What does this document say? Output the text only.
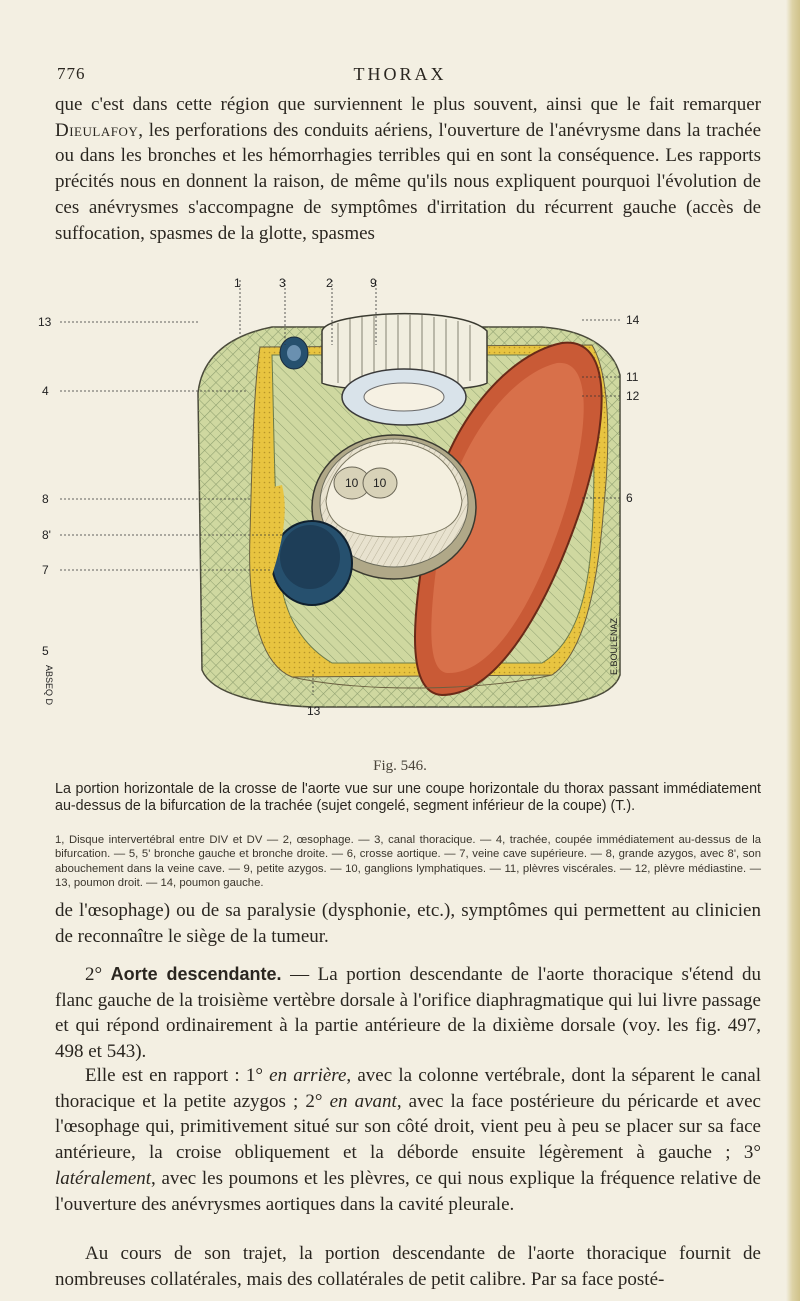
776	THORAX

que c'est dans cette région que surviennent le plus souvent, ainsi que le fait remarquer Dieulafoy, les perforations des conduits aériens, l'ouverture de l'anévrysme dans la trachée ou dans les bronches et les hémorrhagies terribles qui en sont la conséquence. Les rapports précités nous en donnent la raison, de même qu'ils nous expliquent pourquoi l'évolution de ces anévrysmes s'accompagne de symptômes d'irritation du récurrent gauche (accès de suffocation, spasmes de la glotte, spasmes

1	3	2	9
13
4
8
8'
7
5
14
11
12
6
13
10 10
ABSEQ D
E.BOULENAZ
Fig. 546.

La portion horizontale de la crosse de l'aorte vue sur une coupe horizontale du thorax passant immédiatement au-dessus de la bifurcation de la trachée (sujet congelé, segment inférieur de la coupe) (T.).

1, Disque intervertébral entre DIV et DV — 2, œsophage. — 3, canal thoracique. — 4, trachée, coupée immédiatement au-dessus de la bifurcation. — 5, 5' bronche gauche et bronche droite. — 6, crosse aortique. — 7, veine cave supérieure. — 8, grande azygos, avec 8', son abouchement dans la veine cave. — 9, petite azygos. — 10, ganglions lymphatiques. — 11, plèvres viscérales. — 12, plèvre médiastine. — 13, poumon droit. — 14, poumon gauche.

de l'œsophage) ou de sa paralysie (dysphonie, etc.), symptômes qui permettent au clinicien de reconnaître le siège de la tumeur.

2° Aorte descendante. — La portion descendante de l'aorte thoracique s'étend du flanc gauche de la troisième vertèbre dorsale à l'orifice diaphragmatique qui lui livre passage et qui répond ordinairement à la partie antérieure de la dixième dorsale (voy. les fig. 497, 498 et 543).

Elle est en rapport : 1° en arrière, avec la colonne vertébrale, dont la séparent le canal thoracique et la petite azygos ; 2° en avant, avec la face postérieure du péricarde et avec l'œsophage qui, primitivement situé sur son côté droit, vient peu à peu se placer sur sa face antérieure, la croise obliquement et la déborde ensuite légèrement à gauche ; 3° latéralement, avec les poumons et les plèvres, ce qui nous explique la fréquence relative de l'ouverture des anévrysmes aortiques dans la cavité pleurale.

Au cours de son trajet, la portion descendante de l'aorte thoracique fournit de nombreuses collatérales, mais des collatérales de petit calibre. Par sa face posté-
